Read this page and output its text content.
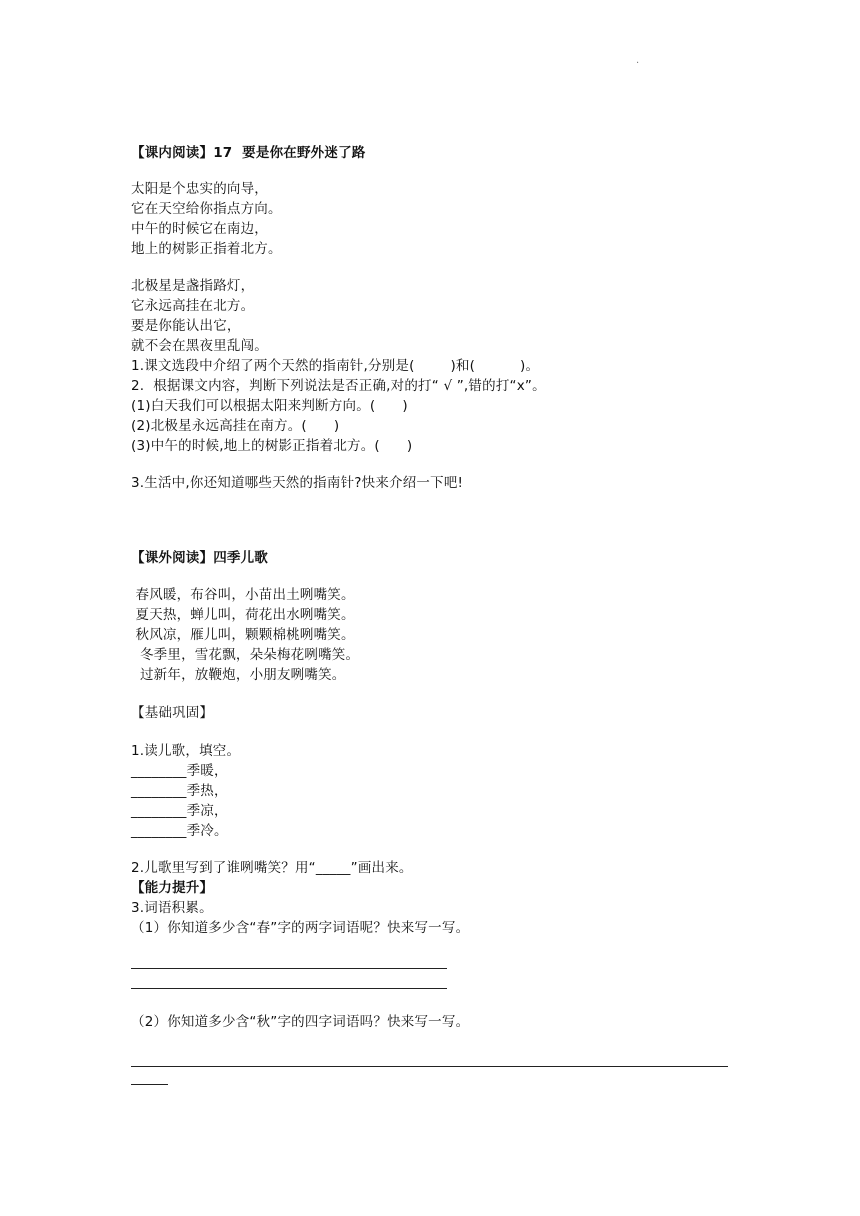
·
【课内阅读】17  要是你在野外迷了路
太阳是个忠实的向导，
它在天空给你指点方向。
中午的时候它在南边，
地上的树影正指着北方。
北极星是盏指路灯，
它永远高挂在北方。
要是你能认出它，
就不会在黑夜里乱闯。
1.课文选段中介绍了两个天然的指南针,分别是(        )和(          )。
2.  根据课文内容，判断下列说法是否正确,对的打“ √ ”,错的打“x”。
(1)白天我们可以根据太阳来判断方向。(      )
(2)北极星永远高挂在南方。(      )
(3)中午的时候,地上的树影正指着北方。(      )
3.生活中,你还知道哪些天然的指南针?快来介绍一下吧!
【课外阅读】四季儿歌
春风暖，布谷叫，小苗出土咧嘴笑。
夏天热，蝉儿叫，荷花出水咧嘴笑。
秋风凉，雁儿叫，颗颗棉桃咧嘴笑。
冬季里，雪花飘，朵朵梅花咧嘴笑。
过新年，放鞭炮，小朋友咧嘴笑。
【基础巩固】
1.读儿歌，填空。
________季暖，
________季热，
________季凉，
________季冷。
2.儿歌里写到了谁咧嘴笑？用“_____”画出来。
【能力提升】
3.词语积累。
（1）你知道多少含“春”字的两字词语呢？快来写一写。
（2）你知道多少含“秋”字的四字词语吗？快来写一写。
